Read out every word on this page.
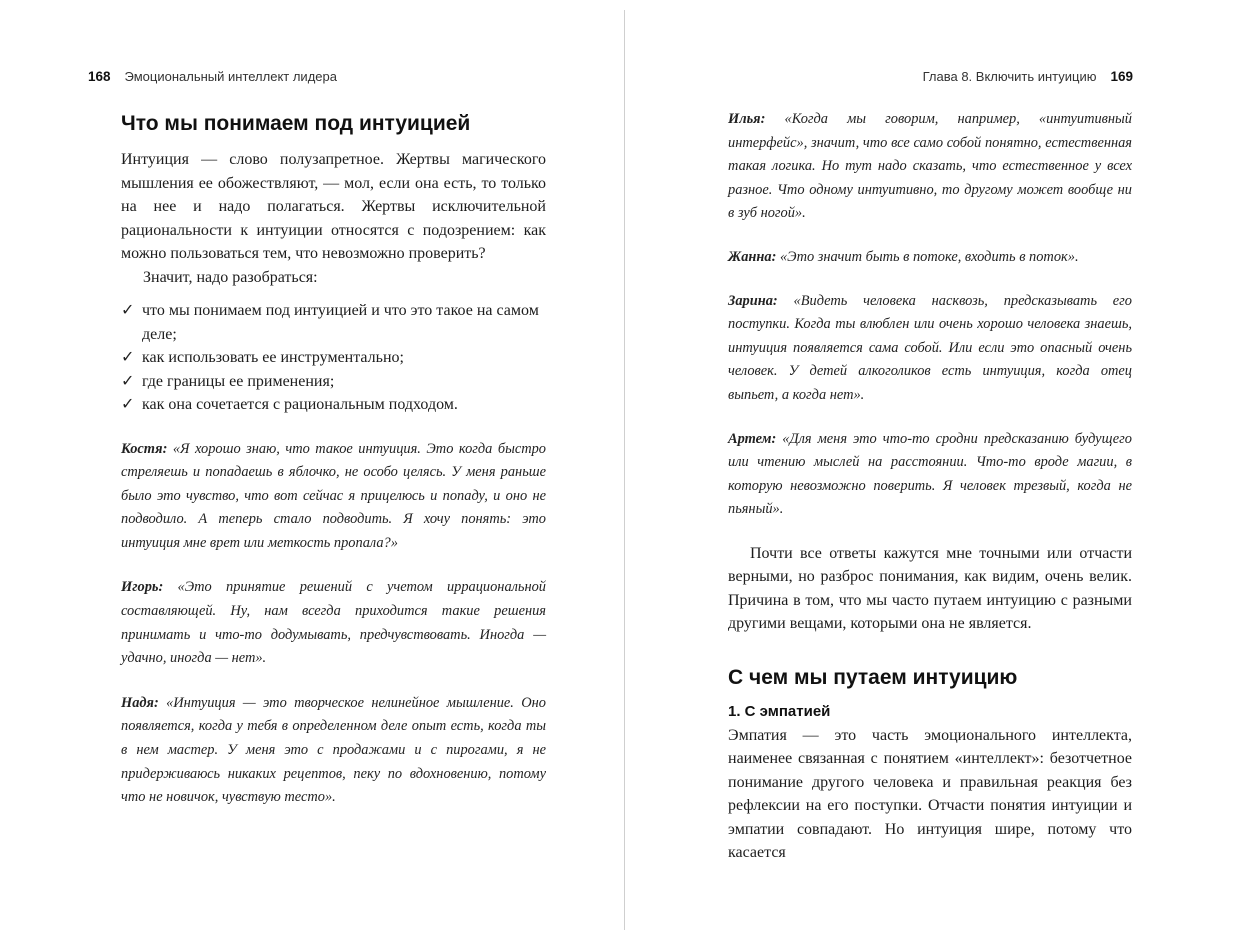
168 Эмоциональный интеллект лидера
Что мы понимаем под интуицией

Интуиция — слово полузапретное. Жертвы магического мышления ее обожествляют, — мол, если она есть, то только на нее и надо полагаться. Жертвы исключительной рациональности к интуиции относятся с подозрением: как можно пользоваться тем, что невозможно проверить?

Значит, надо разобраться:

✓ что мы понимаем под интуицией и что это такое на самом деле;
✓ как использовать ее инструментально;
✓ где границы ее применения;
✓ как она сочетается с рациональным подходом.

Костя: «Я хорошо знаю, что такое интуиция. Это когда быстро стреляешь и попадаешь в яблочко, не особо целясь. У меня раньше было это чувство, что вот сейчас я прицелюсь и попаду, и оно не подводило. А теперь стало подводить. Я хочу понять: это интуиция мне врет или меткость пропала?»

Игорь: «Это принятие решений с учетом иррациональной составляющей. Ну, нам всегда приходится такие решения принимать и что-то додумывать, предчувствовать. Иногда — удачно, иногда — нет».

Надя: «Интуиция — это творческое нелинейное мышление. Оно появляется, когда у тебя в определенном деле опыт есть, когда ты в нем мастер. У меня это с продажами и с пирогами, я не придерживаюсь никаких рецептов, пеку по вдохновению, потому что не новичок, чувствую тесто».

Глава 8. Включить интуицию 169

Илья: «Когда мы говорим, например, «интуитивный интерфейс», значит, что все само собой понятно, естественная такая логика. Но тут надо сказать, что естественное у всех разное. Что одному интуитивно, то другому может вообще ни в зуб ногой».

Жанна: «Это значит быть в потоке, входить в поток».

Зарина: «Видеть человека насквозь, предсказывать его поступки. Когда ты влюблен или очень хорошо человека знаешь, интуиция появляется сама собой. Или если это опасный очень человек. У детей алкоголиков есть интуиция, когда отец выпьет, а когда нет».

Артем: «Для меня это что-то сродни предсказанию будущего или чтению мыслей на расстоянии. Что-то вроде магии, в которую невозможно поверить. Я человек трезвый, когда не пьяный».

Почти все ответы кажутся мне точными или отчасти верными, но разброс понимания, как видим, очень велик. Причина в том, что мы часто путаем интуицию с разными другими вещами, которыми она не является.

С чем мы путаем интуицию
1. С эмпатией

Эмпатия — это часть эмоционального интеллекта, наименее связанная с понятием «интеллект»: безотчетное понимание другого человека и правильная реакция без рефлексии на его поступки. Отчасти понятия интуиции и эмпатии совпадают. Но интуиция шире, потому что касается
